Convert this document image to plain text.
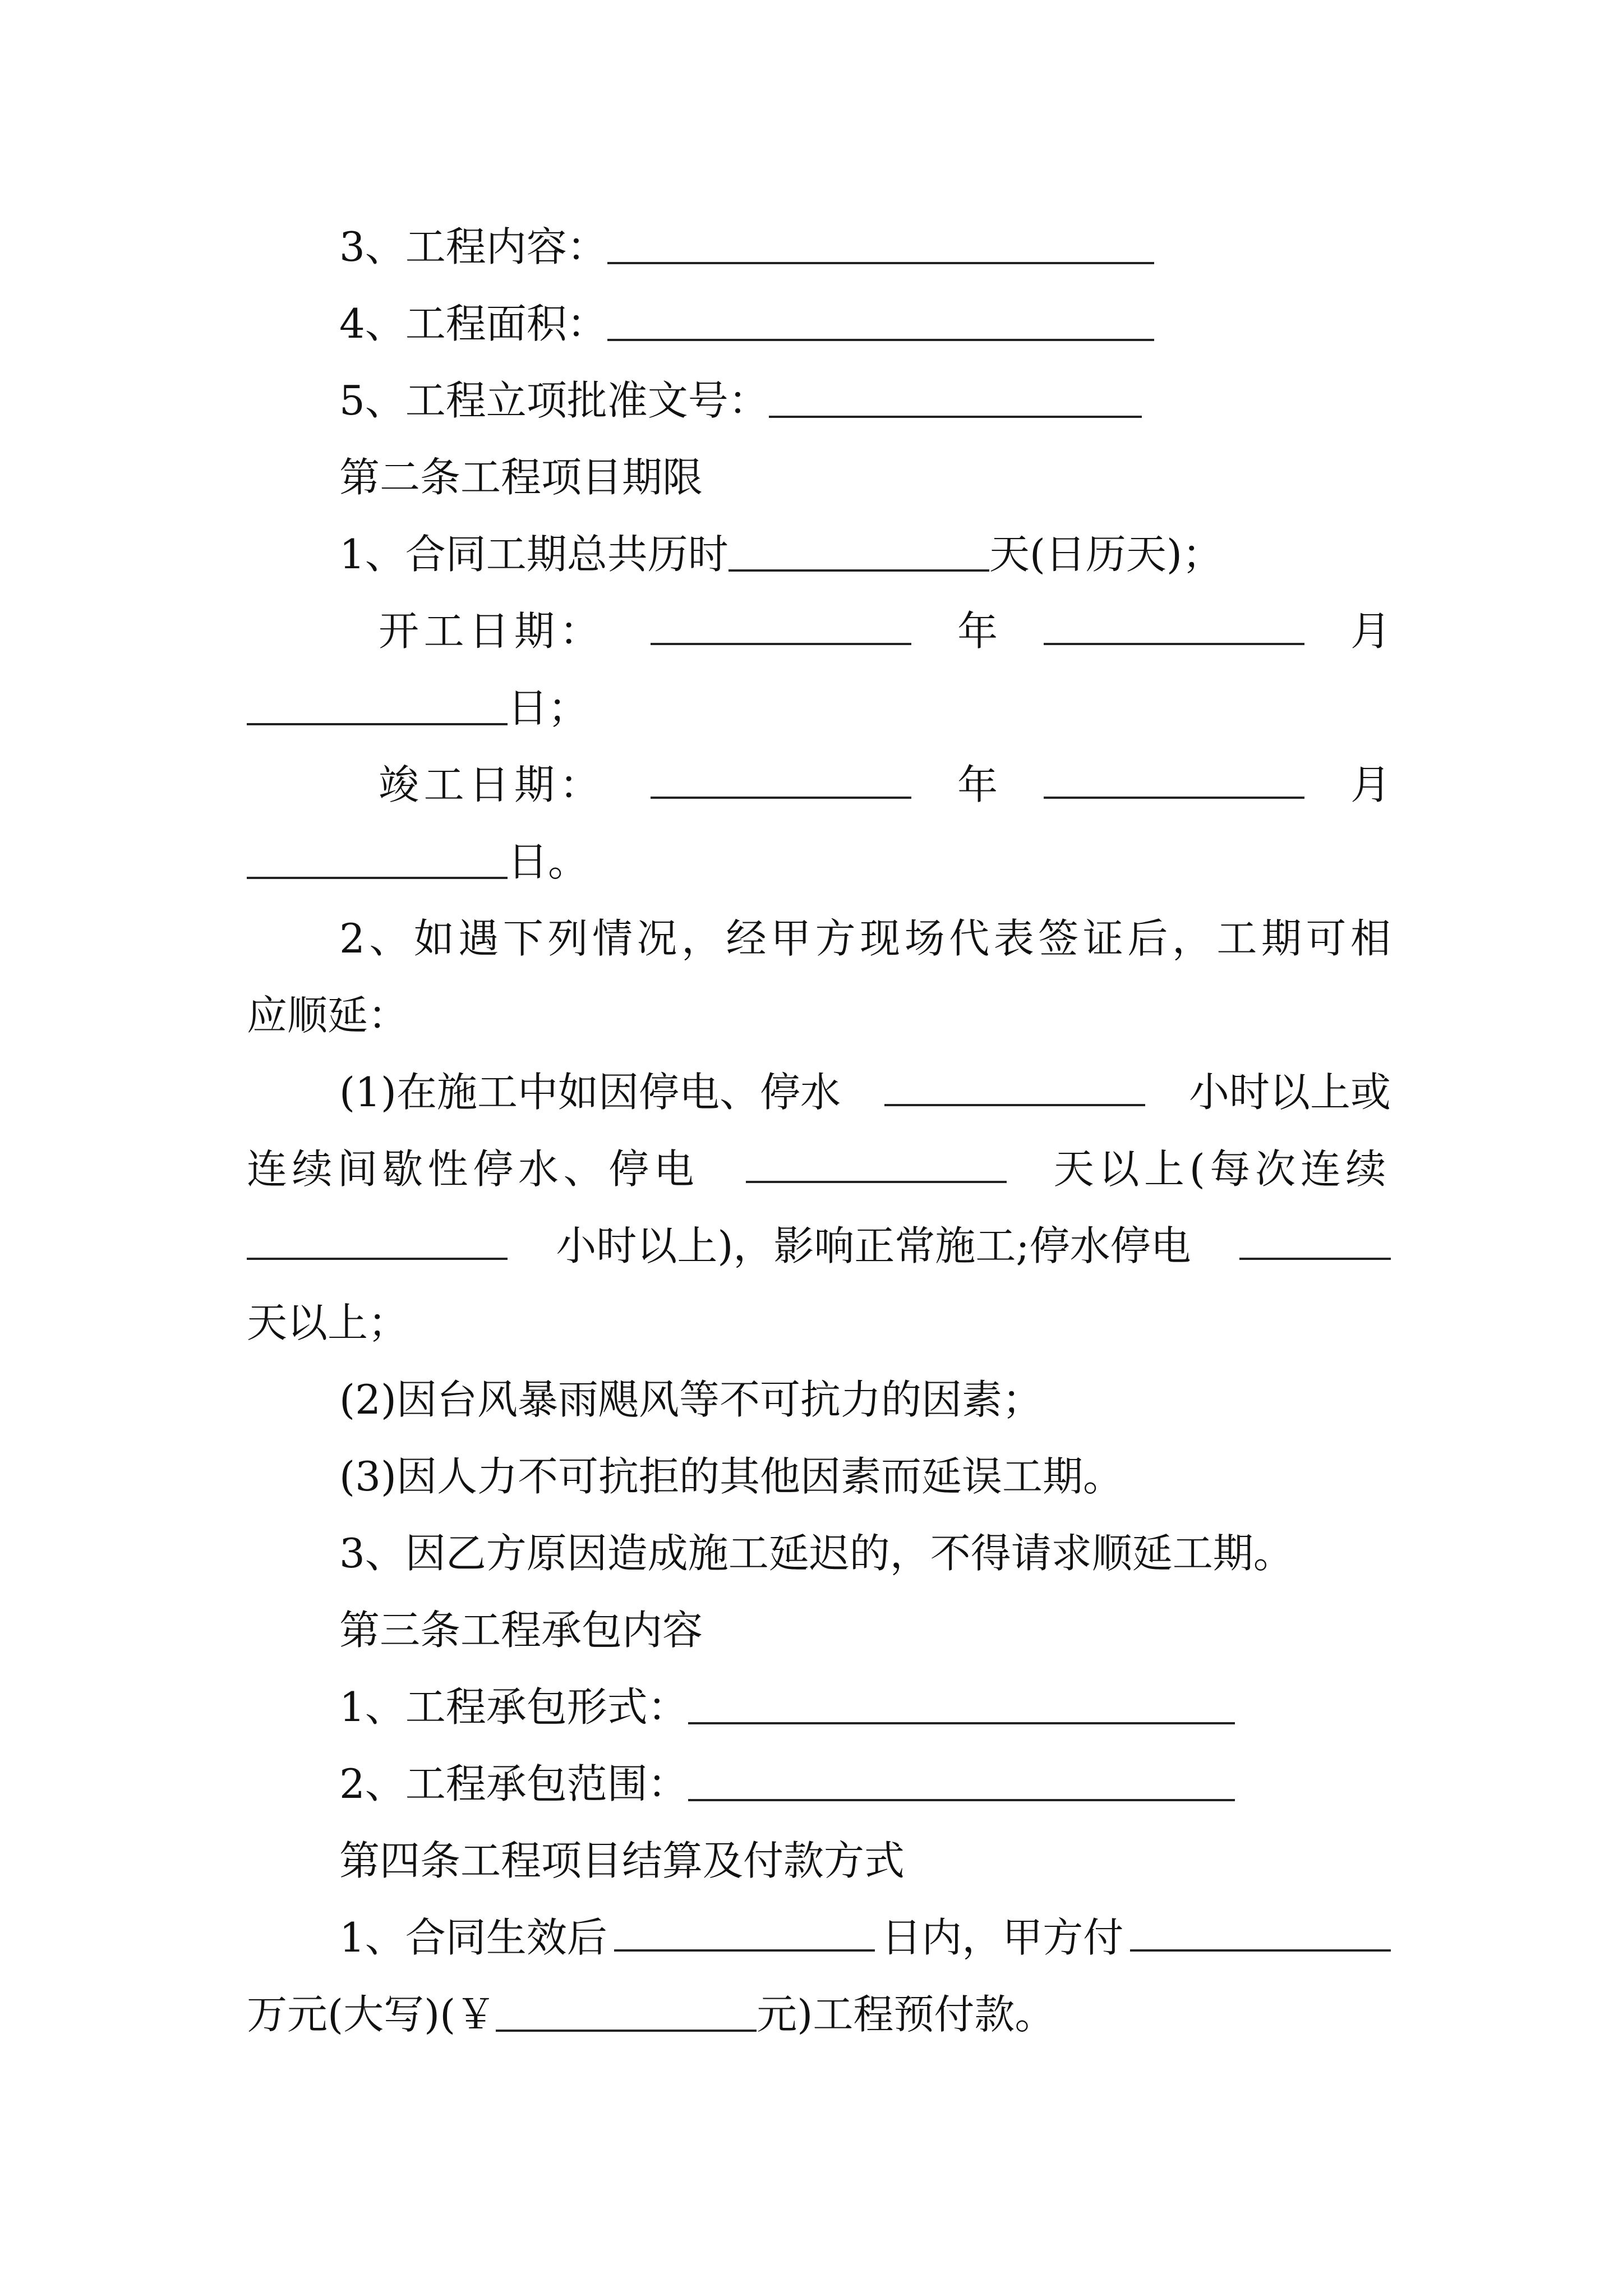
3、工程内容：
4、工程面积：
5、工程立项批准文号：
第二条工程项目期限
1、合同工期总共历时	天(日历天)；
开工日期：	年	月
日；
竣工日期：	年	月
日。
2、如遇下列情况，经甲方现场代表签证后，工期可相
应顺延：
(1)在施工中如因停电、停水	小时以上或
连续间歇性停水、停电	天以上(每次连续
小时以上)，影响正常施工;停水停电
天以上；
(2)因台风暴雨飓风等不可抗力的因素；
(3)因人力不可抗拒的其他因素而延误工期。
3、因乙方原因造成施工延迟的，不得请求顺延工期。
第三条工程承包内容
1、工程承包形式：
2、工程承包范围：
第四条工程项目结算及付款方式
1、合同生效后	日内，甲方付
万元(大写)(￥	元)工程预付款。
